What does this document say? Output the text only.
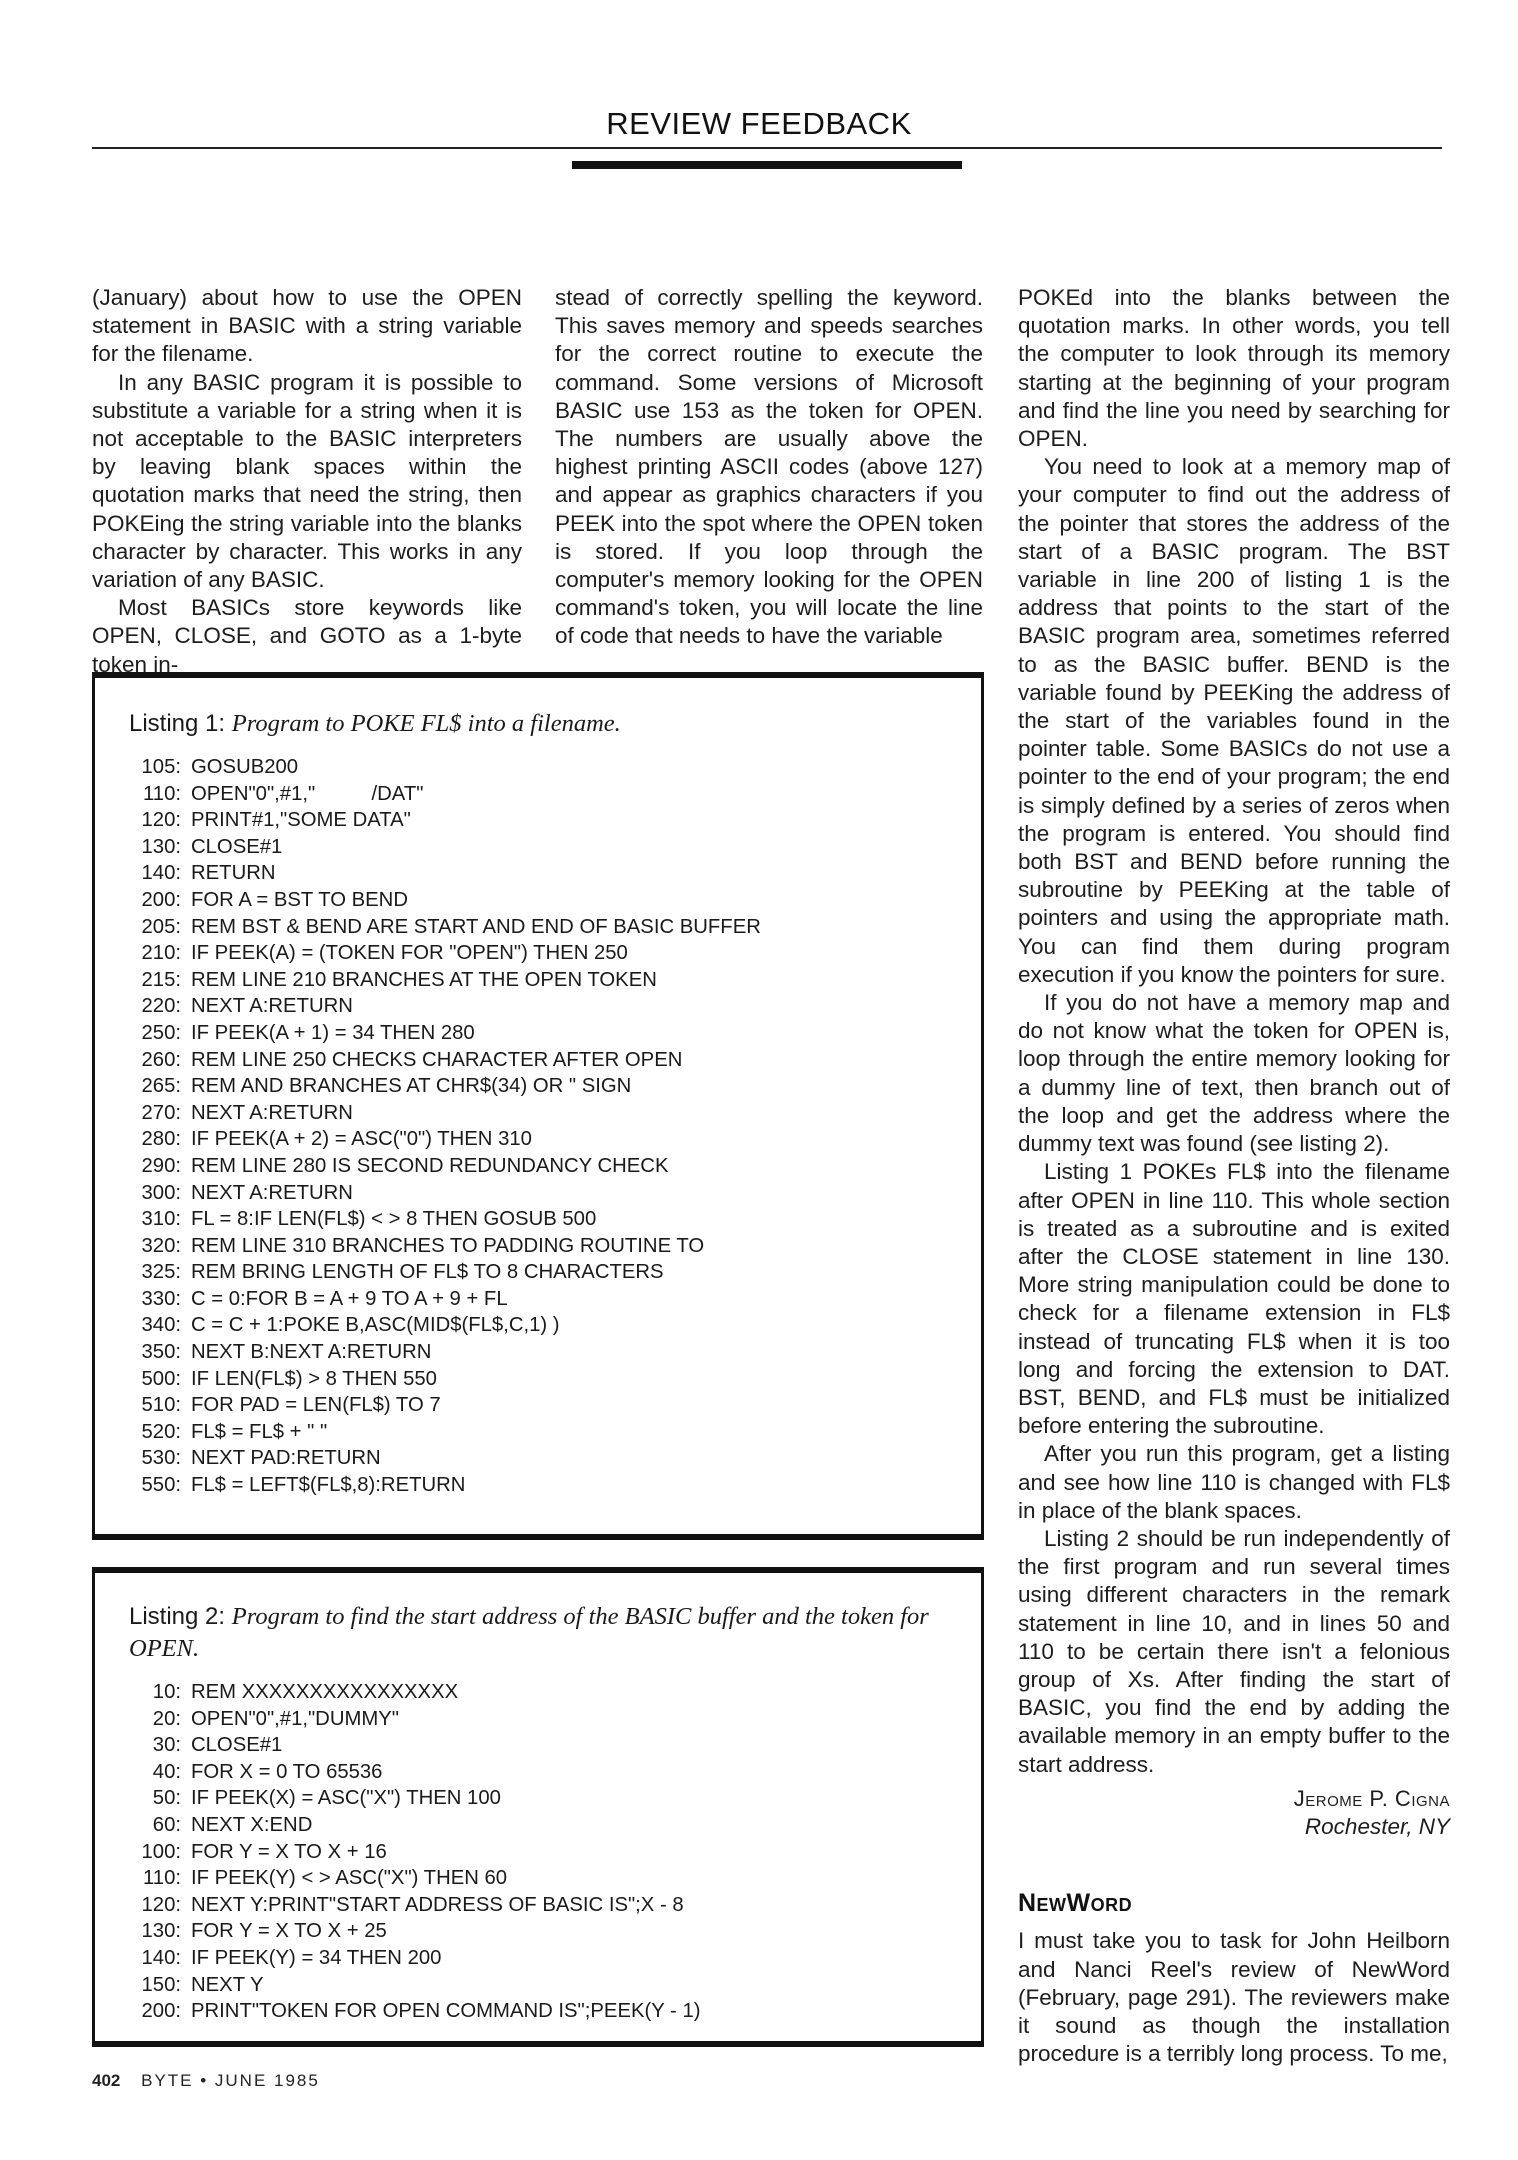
REVIEW FEEDBACK

(January) about how to use the OPEN statement in BASIC with a string variable for the filename.

In any BASIC program it is possible to substitute a variable for a string when it is not acceptable to the BASIC interpreters by leaving blank spaces within the quotation marks that need the string, then POKEing the string variable into the blanks character by character. This works in any variation of any BASIC.

Most BASICs store keywords like OPEN, CLOSE, and GOTO as a 1-byte token in-

stead of correctly spelling the keyword. This saves memory and speeds searches for the correct routine to execute the command. Some versions of Microsoft BASIC use 153 as the token for OPEN. The numbers are usually above the highest printing ASCII codes (above 127) and appear as graphics characters if you PEEK into the spot where the OPEN token is stored. If you loop through the computer's memory looking for the OPEN command's token, you will locate the line of code that needs to have the variable

POKEd into the blanks between the quotation marks. In other words, you tell the computer to look through its memory starting at the beginning of your program and find the line you need by searching for OPEN.

You need to look at a memory map of your computer to find out the address of the pointer that stores the address of the start of a BASIC program. The BST variable in line 200 of listing 1 is the address that points to the start of the BASIC program area, sometimes referred to as the BASIC buffer. BEND is the variable found by PEEKing the address of the start of the variables found in the pointer table. Some BASICs do not use a pointer to the end of your program; the end is simply defined by a series of zeros when the program is entered. You should find both BST and BEND before running the subroutine by PEEKing at the table of pointers and using the appropriate math. You can find them during program execution if you know the pointers for sure.

If you do not have a memory map and do not know what the token for OPEN is, loop through the entire memory looking for a dummy line of text, then branch out of the loop and get the address where the dummy text was found (see listing 2).

Listing 1 POKEs FL$ into the filename after OPEN in line 110. This whole section is treated as a subroutine and is exited after the CLOSE statement in line 130. More string manipulation could be done to check for a filename extension in FL$ instead of truncating FL$ when it is too long and forcing the extension to DAT. BST, BEND, and FL$ must be initialized before entering the subroutine.

After you run this program, get a listing and see how line 110 is changed with FL$ in place of the blank spaces.

Listing 2 should be run independently of the first program and run several times using different characters in the remark statement in line 10, and in lines 50 and 110 to be certain there isn't a felonious group of Xs. After finding the start of BASIC, you find the end by adding the available memory in an empty buffer to the start address.

Jerome P. Cigna
Rochester, NY
NewWord

I must take you to task for John Heilborn and Nanci Reel's review of NewWord (February, page 291). The reviewers make it sound as though the installation procedure is a terribly long process. To me,

Listing 1: Program to POKE FL$ into a filename.
105: GOSUB200
110: OPEN"0",#1,"          /DAT"
120: PRINT#1,"SOME DATA"
130: CLOSE#1
140: RETURN
200: FOR A = BST TO BEND
205: REM BST & BEND ARE START AND END OF BASIC BUFFER
210: IF PEEK(A) = (TOKEN FOR "OPEN") THEN 250
215: REM LINE 210 BRANCHES AT THE OPEN TOKEN
220: NEXT A:RETURN
250: IF PEEK(A + 1) = 34 THEN 280
260: REM LINE 250 CHECKS CHARACTER AFTER OPEN
265: REM AND BRANCHES AT CHR$(34) OR " SIGN
270: NEXT A:RETURN
280: IF PEEK(A + 2) = ASC("0") THEN 310
290: REM LINE 280 IS SECOND REDUNDANCY CHECK
300: NEXT A:RETURN
310: FL = 8:IF LEN(FL$) < > 8 THEN GOSUB 500
320: REM LINE 310 BRANCHES TO PADDING ROUTINE TO
325: REM BRING LENGTH OF FL$ TO 8 CHARACTERS
330: C = 0:FOR B = A + 9 TO A + 9 + FL
340: C = C + 1:POKE B,ASC(MID$(FL$,C,1) )
350: NEXT B:NEXT A:RETURN
500: IF LEN(FL$) > 8 THEN 550
510: FOR PAD = LEN(FL$) TO 7
520: FL$ = FL$ + " "
530: NEXT PAD:RETURN
550: FL$ = LEFT$(FL$,8):RETURN
Listing 2: Program to find the start address of the BASIC buffer and the token for OPEN.
10: REM XXXXXXXXXXXXXXXX
20: OPEN"0",#1,"DUMMY"
30: CLOSE#1
40: FOR X = 0 TO 65536
50: IF PEEK(X) = ASC("X") THEN 100
60: NEXT X:END
100: FOR Y = X TO X + 16
110: IF PEEK(Y) < > ASC("X") THEN 60
120: NEXT Y:PRINT"START ADDRESS OF BASIC IS";X - 8
130: FOR Y = X TO X + 25
140: IF PEEK(Y) = 34 THEN 200
150: NEXT Y
200: PRINT"TOKEN FOR OPEN COMMAND IS";PEEK(Y - 1)
402 BYTE • JUNE 1985
